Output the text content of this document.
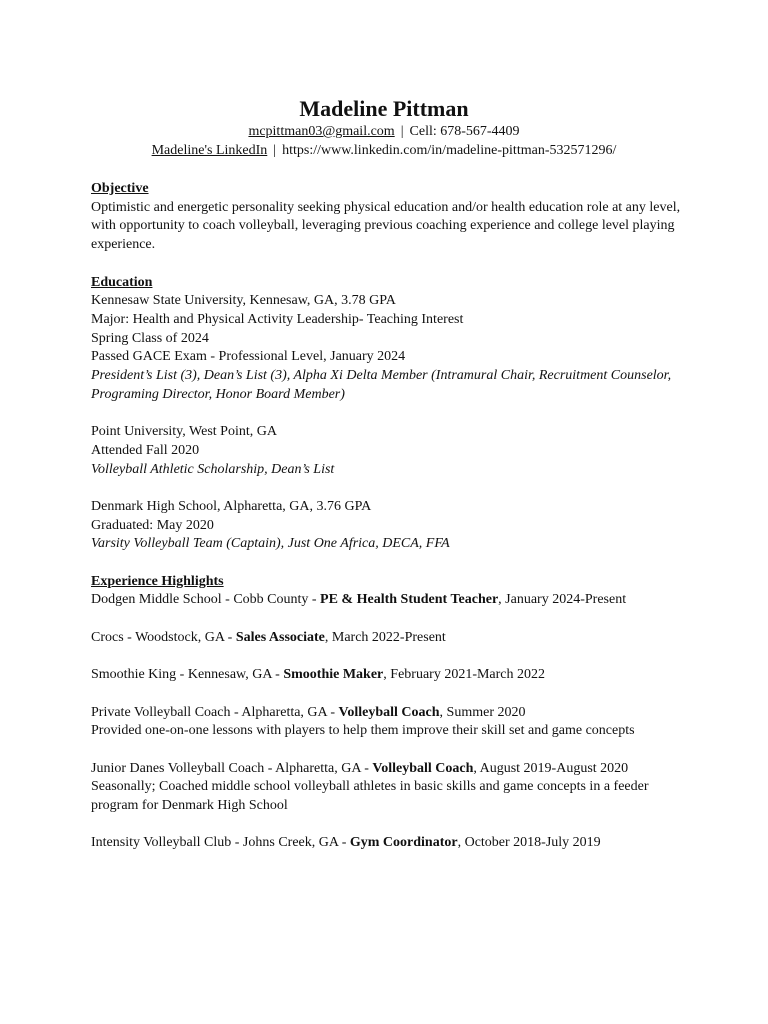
Madeline Pittman

mcpittman03@gmail.com | Cell: 678-567-4409

Madeline's LinkedIn | https://www.linkedin.com/in/madeline-pittman-532571296/

Objective

Optimistic and energetic personality seeking physical education and/or health education role at any level, with opportunity to coach volleyball, leveraging previous coaching experience and college level playing experience.

Education

Kennesaw State University, Kennesaw, GA, 3.78 GPA

Major: Health and Physical Activity Leadership- Teaching Interest

Spring Class of 2024

Passed GACE Exam - Professional Level, January 2024

President’s List (3), Dean’s List (3), Alpha Xi Delta Member (Intramural Chair, Recruitment Counselor, Programing Director, Honor Board Member)

Point University, West Point, GA

Attended Fall 2020

Volleyball Athletic Scholarship, Dean’s List

Denmark High School, Alpharetta, GA, 3.76 GPA

Graduated: May 2020

Varsity Volleyball Team (Captain), Just One Africa, DECA, FFA

Experience Highlights

Dodgen Middle School - Cobb County - PE & Health Student Teacher, January 2024-Present

Crocs - Woodstock, GA - Sales Associate, March 2022-Present

Smoothie King - Kennesaw, GA - Smoothie Maker, February 2021-March 2022

Private Volleyball Coach - Alpharetta, GA - Volleyball Coach, Summer 2020

Provided one-on-one lessons with players to help them improve their skill set and game concepts

Junior Danes Volleyball Coach - Alpharetta, GA - Volleyball Coach, August 2019-August 2020

Seasonally; Coached middle school volleyball athletes in basic skills and game concepts in a feeder program for Denmark High School

Intensity Volleyball Club - Johns Creek, GA - Gym Coordinator, October 2018-July 2019
